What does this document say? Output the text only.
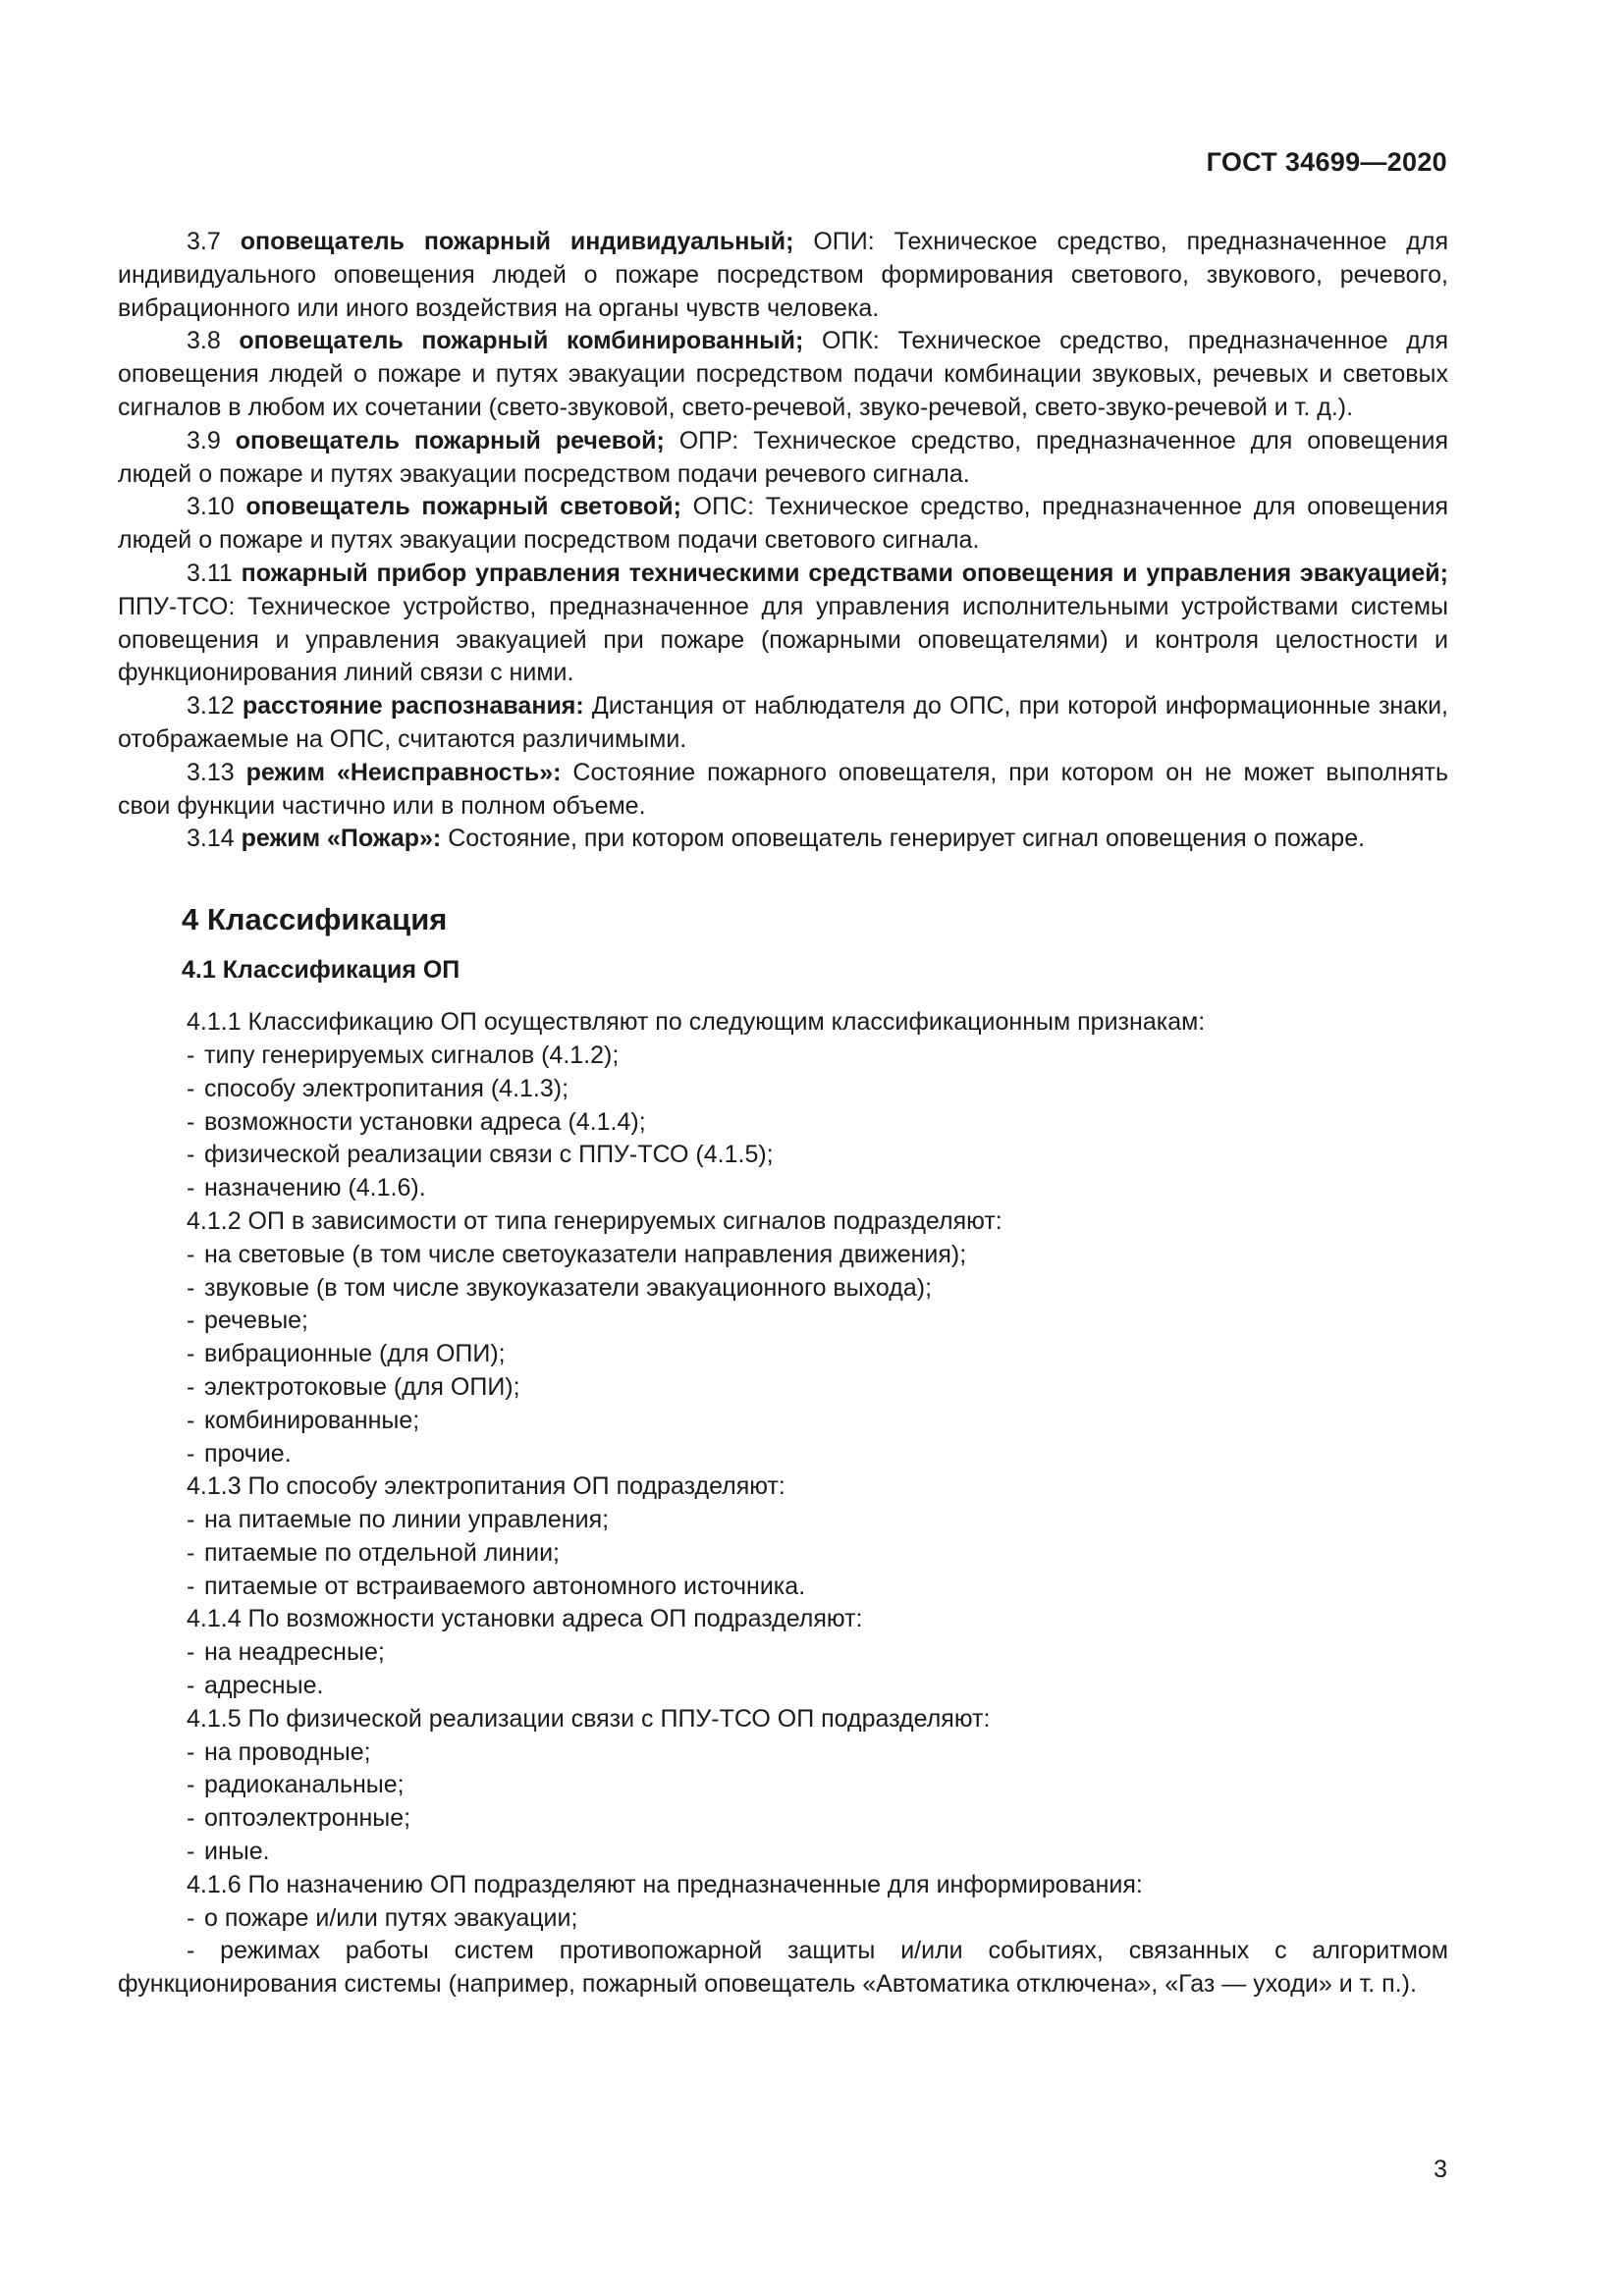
ГОСТ 34699—2020

3.7 оповещатель пожарный индивидуальный; ОПИ: Техническое средство, предназначенное для индивидуального оповещения людей о пожаре посредством формирования светового, звукового, речевого, вибрационного или иного воздействия на органы чувств человека.

3.8 оповещатель пожарный комбинированный; ОПК: Техническое средство, предназначенное для оповещения людей о пожаре и путях эвакуации посредством подачи комбинации звуковых, речевых и световых сигналов в любом их сочетании (свето-звуковой, свето-речевой, звуко-речевой, свето-звуко-речевой и т. д.).

3.9 оповещатель пожарный речевой; ОПР: Техническое средство, предназначенное для оповещения людей о пожаре и путях эвакуации посредством подачи речевого сигнала.

3.10 оповещатель пожарный световой; ОПС: Техническое средство, предназначенное для оповещения людей о пожаре и путях эвакуации посредством подачи светового сигнала.

3.11 пожарный прибор управления техническими средствами оповещения и управления эвакуацией; ППУ-ТСО: Техническое устройство, предназначенное для управления исполнительными устройствами системы оповещения и управления эвакуацией при пожаре (пожарными оповещателями) и контроля целостности и функционирования линий связи с ними.

3.12 расстояние распознавания: Дистанция от наблюдателя до ОПС, при которой информационные знаки, отображаемые на ОПС, считаются различимыми.

3.13 режим «Неисправность»: Состояние пожарного оповещателя, при котором он не может выполнять свои функции частично или в полном объеме.

3.14 режим «Пожар»: Состояние, при котором оповещатель генерирует сигнал оповещения о пожаре.

4 Классификация
4.1 Классификация ОП

4.1.1 Классификацию ОП осуществляют по следующим классификационным признакам:

- типу генерируемых сигналов (4.1.2);

- способу электропитания (4.1.3);

- возможности установки адреса (4.1.4);

- физической реализации связи с ППУ-ТСО (4.1.5);

- назначению (4.1.6).

4.1.2 ОП в зависимости от типа генерируемых сигналов подразделяют:

- на световые (в том числе светоуказатели направления движения);

- звуковые (в том числе звукоуказатели эвакуационного выхода);

- речевые;

- вибрационные (для ОПИ);

- электротоковые (для ОПИ);

- комбинированные;

- прочие.

4.1.3 По способу электропитания ОП подразделяют:

- на питаемые по линии управления;

- питаемые по отдельной линии;

- питаемые от встраиваемого автономного источника.

4.1.4 По возможности установки адреса ОП подразделяют:

- на неадресные;

- адресные.

4.1.5 По физической реализации связи с ППУ-ТСО ОП подразделяют:

- на проводные;

- радиоканальные;

- оптоэлектронные;

- иные.

4.1.6 По назначению ОП подразделяют на предназначенные для информирования:

- о пожаре и/или путях эвакуации;

- режимах работы систем противопожарной защиты и/или событиях, связанных с алгоритмом функционирования системы (например, пожарный оповещатель «Автоматика отключена», «Газ — уходи» и т. п.).

3
